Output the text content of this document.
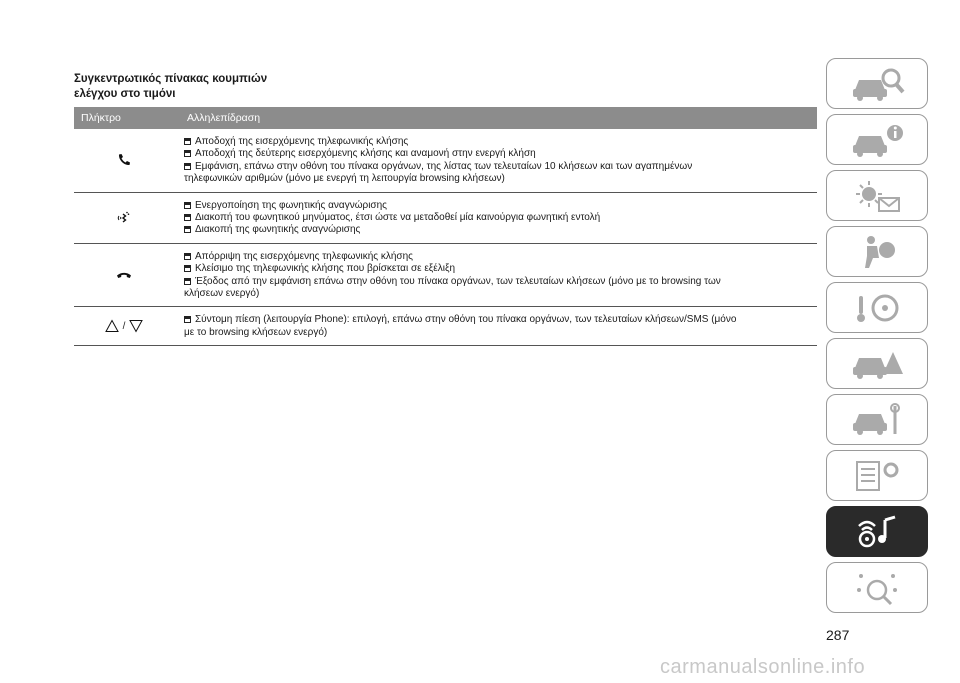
Συγκεντρωτικός πίνακας κουμπιών
ελέγχου στο τιμόνι
Πλήκτρο	Αλληλεπίδραση
Αποδοχή της εισερχόμενης τηλεφωνικής κλήσης
Αποδοχή της δεύτερης εισερχόμενης κλήσης και αναμονή στην ενεργή κλήση
Εμφάνιση, επάνω στην οθόνη του πίνακα οργάνων, της λίστας των τελευταίων 10 κλήσεων και των αγαπημένων
τηλεφωνικών αριθμών (μόνο με ενεργή τη λειτουργία browsing κλήσεων)
Ενεργοποίηση της φωνητικής αναγνώρισης
Διακοπή του φωνητικού μηνύματος, έτσι ώστε να μεταδοθεί μία καινούργια φωνητική εντολή
Διακοπή της φωνητικής αναγνώρισης
Απόρριψη της εισερχόμενης τηλεφωνικής κλήσης
Κλείσιμο της τηλεφωνικής κλήσης που βρίσκεται σε εξέλιξη
Έξοδος από την εμφάνιση επάνω στην οθόνη του πίνακα οργάνων, των τελευταίων κλήσεων (μόνο με το browsing των
κλήσεων ενεργό)
/
Σύντομη πίεση (λειτουργία Phone): επιλογή, επάνω στην οθόνη του πίνακα οργάνων, των τελευταίων κλήσεων/SMS (μόνο
με το browsing κλήσεων ενεργό)
287
carmanualsonline.info
